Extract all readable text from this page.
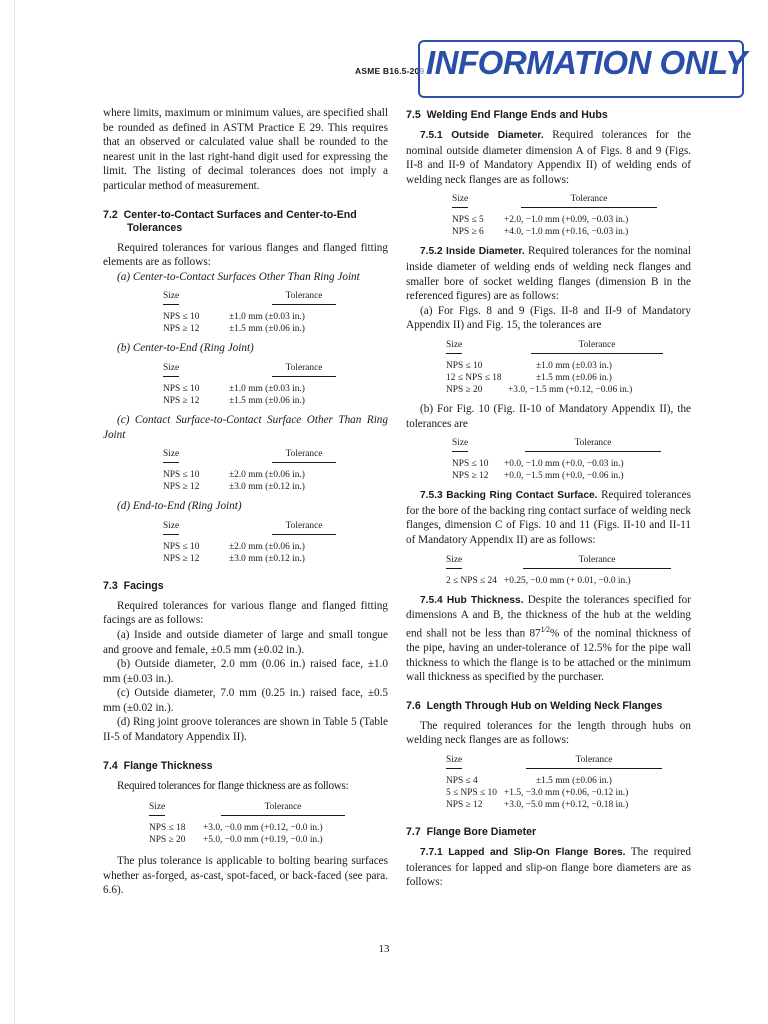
ASME B16.5-209 INFORMATION ONLY

where limits, maximum or minimum values, are specified shall be rounded as defined in ASTM Practice E 29. This requires that an observed or calculated value shall be rounded to the nearest unit in the last right-hand digit used for expressing the limit. The listing of decimal tolerances does not imply a particular method of measurement.

7.2 Center-to-Contact Surfaces and Center-to-End
Tolerances

Required tolerances for various flanges and flanged fitting elements are as follows:

(a) Center-to-Contact Surfaces Other Than Ring Joint

Size	Tolerance
NPS ≤ 10	±1.0 mm (±0.03 in.)
NPS ≥ 12	±1.5 mm (±0.06 in.)

(b) Center-to-End (Ring Joint)

Size	Tolerance
NPS ≤ 10	±1.0 mm (±0.03 in.)
NPS ≥ 12	±1.5 mm (±0.06 in.)

(c) Contact Surface-to-Contact Surface Other Than Ring Joint

Size	Tolerance
NPS ≤ 10	±2.0 mm (±0.06 in.)
NPS ≥ 12	±3.0 mm (±0.12 in.)

(d) End-to-End (Ring Joint)

Size	Tolerance
NPS ≤ 10	±2.0 mm (±0.06 in.)
NPS ≥ 12	±3.0 mm (±0.12 in.)
7.3 Facings

Required tolerances for various flange and flanged fitting facings are as follows:

(a) Inside and outside diameter of large and small tongue and groove and female, ±0.5 mm (±0.02 in.).

(b) Outside diameter, 2.0 mm (0.06 in.) raised face, ±1.0 mm (±0.03 in.).

(c) Outside diameter, 7.0 mm (0.25 in.) raised face, ±0.5 mm (±0.02 in.).

(d) Ring joint groove tolerances are shown in Table 5 (Table II-5 of Mandatory Appendix II).

7.4 Flange Thickness

Required tolerances for flange thickness are as follows:

Size	Tolerance
NPS ≤ 18	+3.0, −0.0 mm (+0.12, −0.0 in.)
NPS ≥ 20	+5.0, −0.0 mm (+0.19, −0.0 in.)

The plus tolerance is applicable to bolting bearing surfaces whether as-forged, as-cast, spot-faced, or back-faced (see para. 6.6).

7.5 Welding End Flange Ends and Hubs

7.5.1 Outside Diameter. Required tolerances for the nominal outside diameter dimension A of Figs. 8 and 9 (Figs. II-8 and II-9 of Mandatory Appendix II) of welding ends of welding neck flanges are as follows:

Size	Tolerance
NPS ≤ 5	+2.0, −1.0 mm (+0.09, −0.03 in.)
NPS ≥ 6	+4.0, −1.0 mm (+0.16, −0.03 in.)

7.5.2 Inside Diameter. Required tolerances for the nominal inside diameter of welding ends of welding neck flanges and smaller bore of socket welding flanges (dimension B in the referenced figures) are as follows:

(a) For Figs. 8 and 9 (Figs. II-8 and II-9 of Mandatory Appendix II) and Fig. 15, the tolerances are

Size	Tolerance
NPS ≤ 10	±1.0 mm (±0.03 in.)
12 ≤ NPS ≤ 18	±1.5 mm (±0.06 in.)
NPS ≥ 20	+3.0, −1.5 mm (+0.12, −0.06 in.)

(b) For Fig. 10 (Fig. II-10 of Mandatory Appendix II), the tolerances are

Size	Tolerance
NPS ≤ 10	+0.0, −1.0 mm (+0.0, −0.03 in.)
NPS ≥ 12	+0.0, −1.5 mm (+0.0, −0.06 in.)

7.5.3 Backing Ring Contact Surface. Required tolerances for the bore of the backing ring contact surface of welding neck flanges, dimension C of Figs. 10 and 11 (Figs. II-10 and II-11 of Mandatory Appendix II) are as follows:

Size	Tolerance
2 ≤ NPS ≤ 24	+0.25, −0.0 mm (+ 0.01, −0.0 in.)

7.5.4 Hub Thickness. Despite the tolerances specified for dimensions A and B, the thickness of the hub at the welding end shall not be less than $87^{1⁄2}\%$ of the nominal thickness of the pipe, having an under-tolerance of 12.5% for the pipe wall thickness to which the flange is to be attached or the minimum wall thickness as specified by the purchaser.

7.6 Length Through Hub on Welding Neck Flanges

The required tolerances for the length through hubs on welding neck flanges are as follows:

Size	Tolerance
NPS ≤ 4	±1.5 mm (±0.06 in.)
5 ≤ NPS ≤ 10	+1.5, −3.0 mm (+0.06, −0.12 in.)
NPS ≥ 12	+3.0, −5.0 mm (+0.12, −0.18 in.)
7.7 Flange Bore Diameter

7.7.1 Lapped and Slip-On Flange Bores. The required tolerances for lapped and slip-on flange bore diameters are as follows:

13
